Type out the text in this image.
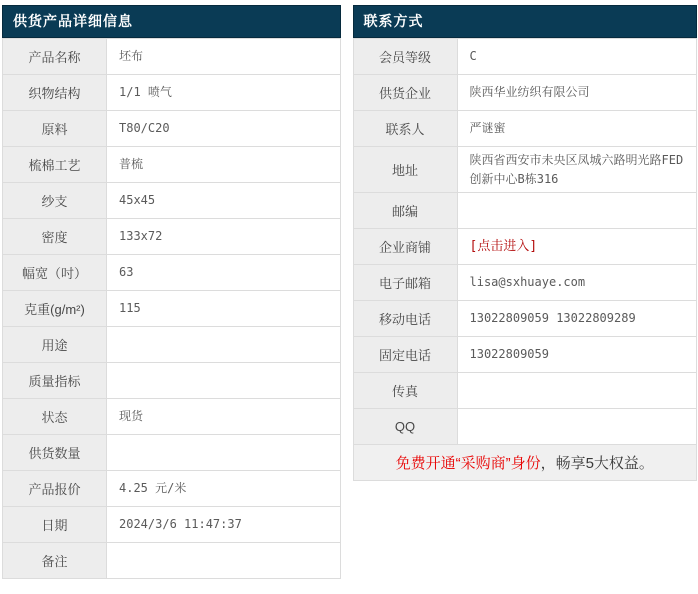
供货产品详细信息
产品名称	坯布
织物结构	1/1 喷气
原料	T80/C20
梳棉工艺	普梳
纱支	45x45
密度	133x72
幅宽（吋）	63
克重(g/m²)	115
用途	
质量指标	
状态	现货
供货数量	
产品报价	4.25 元/米
日期	2024/3/6 11:47:37
备注	
联系方式
会员等级	C
供货企业	陕西华业纺织有限公司
联系人	严谜蜜
地址	陕西省西安市未央区凤城六路明光路FED创新中心B栋316
邮编	
企业商铺	[点击进入]
电子邮箱	lisa@sxhuaye.com
移动电话	13022809059 13022809289
固定电话	13022809059
传真	
QQ	
免费开通“采购商”身份，畅享5大权益。	
